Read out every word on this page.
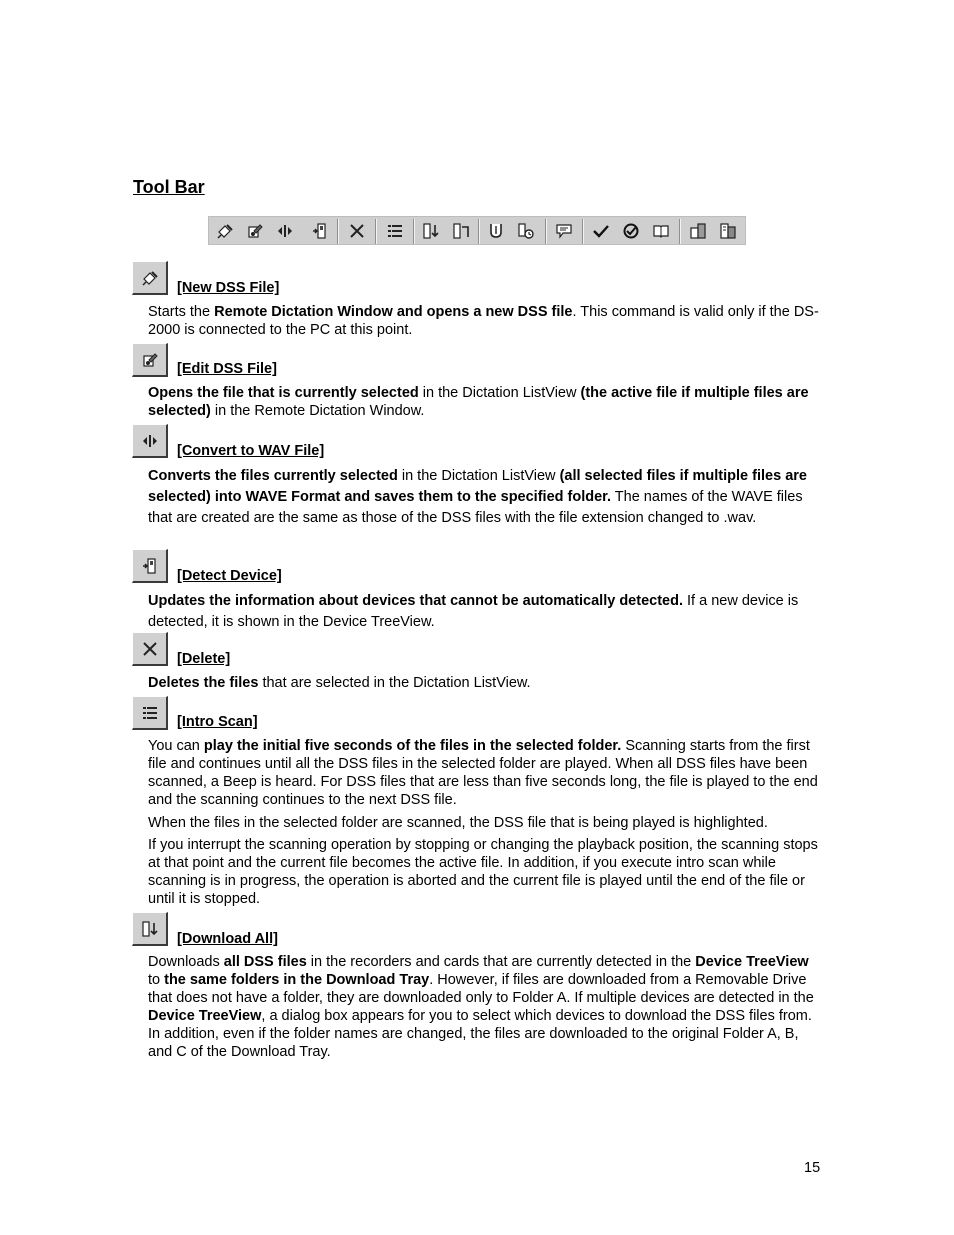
Tool Bar
[New DSS File]

Starts the Remote Dictation Window and opens a new DSS file. This command is valid only if the DS-2000 is connected to the PC at this point.

[Edit DSS File]

Opens the file that is currently selected in the Dictation ListView (the active file if multiple files are selected) in the Remote Dictation Window.

[Convert to WAV File]

Converts the files currently selected in the Dictation ListView (all selected files if multiple files are selected) into WAVE Format and saves them to the specified folder. The names of the WAVE files that are created are the same as those of the DSS files with the file extension changed to .wav.

[Detect Device]

Updates the information about devices that cannot be automatically detected. If a new device is detected, it is shown in the Device TreeView.

[Delete]

Deletes the files that are selected in the Dictation ListView.

[Intro Scan]

You can play the initial five seconds of the files in the selected folder. Scanning starts from the first file and continues until all the DSS files in the selected folder are played. When all DSS files have been scanned, a Beep is heard. For DSS files that are less than five seconds long, the file is played to the end and the scanning continues to the next DSS file.

When the files in the selected folder are scanned, the DSS file that is being played is highlighted.

If you interrupt the scanning operation by stopping or changing the playback position, the scanning stops at that point and the current file becomes the active file. In addition, if you execute intro scan while scanning is in progress, the operation is aborted and the current file is played until the end of the file or until it is stopped.

[Download All]

Downloads all DSS files in the recorders and cards that are currently detected in the Device TreeView to the same folders in the Download Tray. However, if files are downloaded from a Removable Drive that does not have a folder, they are downloaded only to Folder A. If multiple devices are detected in the Device TreeView, a dialog box appears for you to select which devices to download the DSS files from. In addition, even if the folder names are changed, the files are downloaded to the original Folder A, B, and C of the Download Tray.

15
